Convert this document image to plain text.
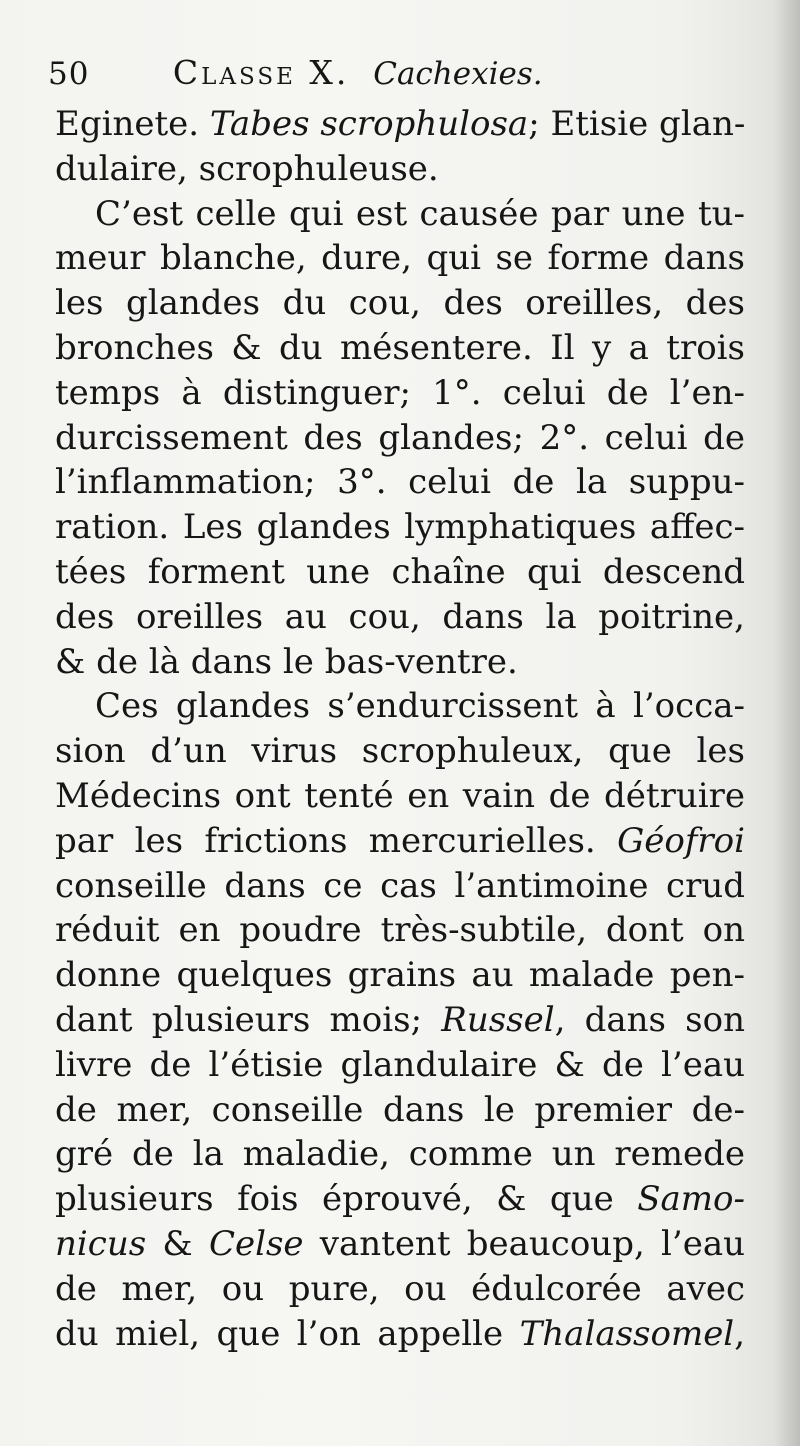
50	Classe X. Cachexies.
Eginete. Tabes scrophulosa; Etisie glan-
dulaire, scrophuleuse.
C’est celle qui est causée par une tu-
meur blanche, dure, qui se forme dans
les glandes du cou, des oreilles, des
bronches & du mésentere. Il y a trois
temps à distinguer; 1°. celui de l’en-
durcissement des glandes; 2°. celui de
l’inflammation; 3°. celui de la suppu-
ration. Les glandes lymphatiques affec-
tées forment une chaîne qui descend
des oreilles au cou, dans la poitrine,
& de là dans le bas-ventre.
Ces glandes s’endurcissent à l’occa-
sion d’un virus scrophuleux, que les
Médecins ont tenté en vain de détruire
par les frictions mercurielles. Géofroi
conseille dans ce cas l’antimoine crud
réduit en poudre très-subtile, dont on
donne quelques grains au malade pen-
dant plusieurs mois; Russel, dans son
livre de l’étisie glandulaire & de l’eau
de mer, conseille dans le premier de-
gré de la maladie, comme un remede
plusieurs fois éprouvé, & que Samo-
nicus & Celse vantent beaucoup, l’eau
de mer, ou pure, ou édulcorée avec
du miel, que l’on appelle Thalassomel,
